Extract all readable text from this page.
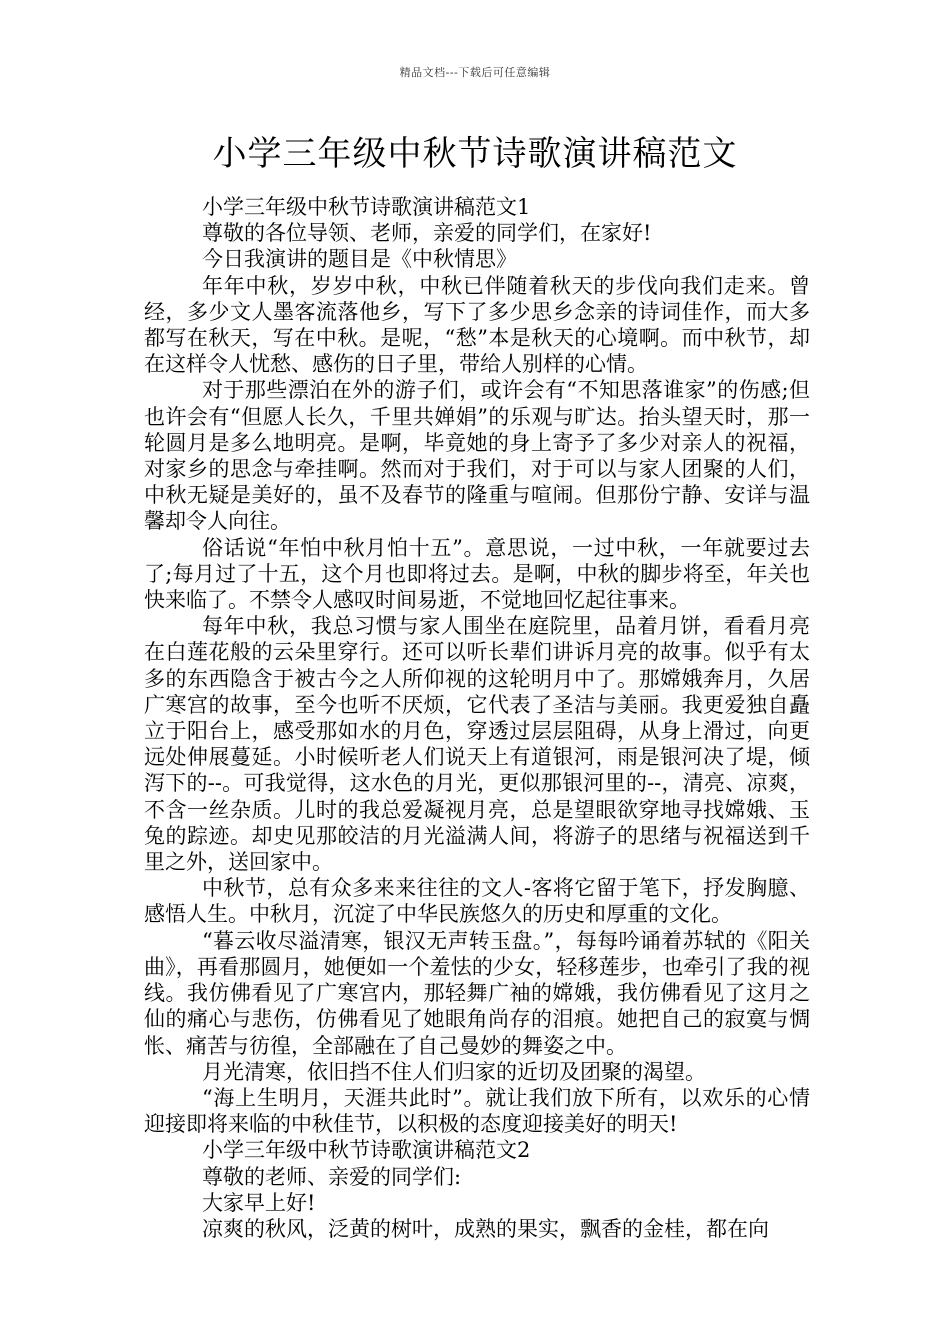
精品文档---下载后可任意编辑
小学三年级中秋节诗歌演讲稿范文

小学三年级中秋节诗歌演讲稿范文1

尊敬的各位导领、老师，亲爱的同学们，在家好!

今日我演讲的题目是《中秋情思》

年年中秋，岁岁中秋，中秋已伴随着秋天的步伐向我们走来。曾经，多少文人墨客流落他乡，写下了多少思乡念亲的诗词佳作，而大多都写在秋天，写在中秋。是呢，“愁”本是秋天的心境啊。而中秋节，却在这样令人忧愁、感伤的日子里，带给人别样的心情。

对于那些漂泊在外的游子们，或许会有“不知思落谁家”的伤感;但也许会有“但愿人长久，千里共婵娟”的乐观与旷达。抬头望天时，那一轮圆月是多么地明亮。是啊，毕竟她的身上寄予了多少对亲人的祝福，对家乡的思念与牵挂啊。然而对于我们，对于可以与家人团聚的人们，中秋无疑是美好的，虽不及春节的隆重与喧闹。但那份宁静、安详与温馨却令人向往。

俗话说“年怕中秋月怕十五”。意思说，一过中秋，一年就要过去了;每月过了十五，这个月也即将过去。是啊，中秋的脚步将至，年关也快来临了。不禁令人感叹时间易逝，不觉地回忆起往事来。

每年中秋，我总习惯与家人围坐在庭院里，品着月饼，看看月亮在白莲花般的云朵里穿行。还可以听长辈们讲诉月亮的故事。似乎有太多的东西隐含于被古今之人所仰视的这轮明月中了。那嫦娥奔月，久居广寒宫的故事，至今也听不厌烦，它代表了圣洁与美丽。我更爱独自矗立于阳台上，感受那如水的月色，穿透过层层阻碍，从身上滑过，向更远处伸展蔓延。小时候听老人们说天上有道银河，雨是银河决了堤，倾泻下的--。可我觉得，这水色的月光，更似那银河里的--，清亮、凉爽，不含一丝杂质。儿时的我总爱凝视月亮，总是望眼欲穿地寻找嫦娥、玉兔的踪迹。却史见那皎洁的月光溢满人间，将游子的思绪与祝福送到千里之外，送回家中。

中秋节，总有众多来来往往的文人-客将它留于笔下，抒发胸臆、感悟人生。中秋月，沉淀了中华民族悠久的历史和厚重的文化。

“暮云收尽溢清寒，银汉无声转玉盘。”，每每吟诵着苏轼的《阳关曲》，再看那圆月，她便如一个羞怯的少女，轻移莲步，也牵引了我的视线。我仿佛看见了广寒宫内，那轻舞广袖的嫦娥，我仿佛看见了这月之仙的痛心与悲伤，仿佛看见了她眼角尚存的泪痕。她把自己的寂寞与惆怅、痛苦与彷徨，全部融在了自己曼妙的舞姿之中。

月光清寒，依旧挡不住人们归家的近切及团聚的渴望。

“海上生明月，天涯共此时”。就让我们放下所有，以欢乐的心情迎接即将来临的中秋佳节，以积极的态度迎接美好的明天!

小学三年级中秋节诗歌演讲稿范文2

尊敬的老师、亲爱的同学们:

大家早上好!

凉爽的秋风，泛黄的树叶，成熟的果实，飘香的金桂，都在向
